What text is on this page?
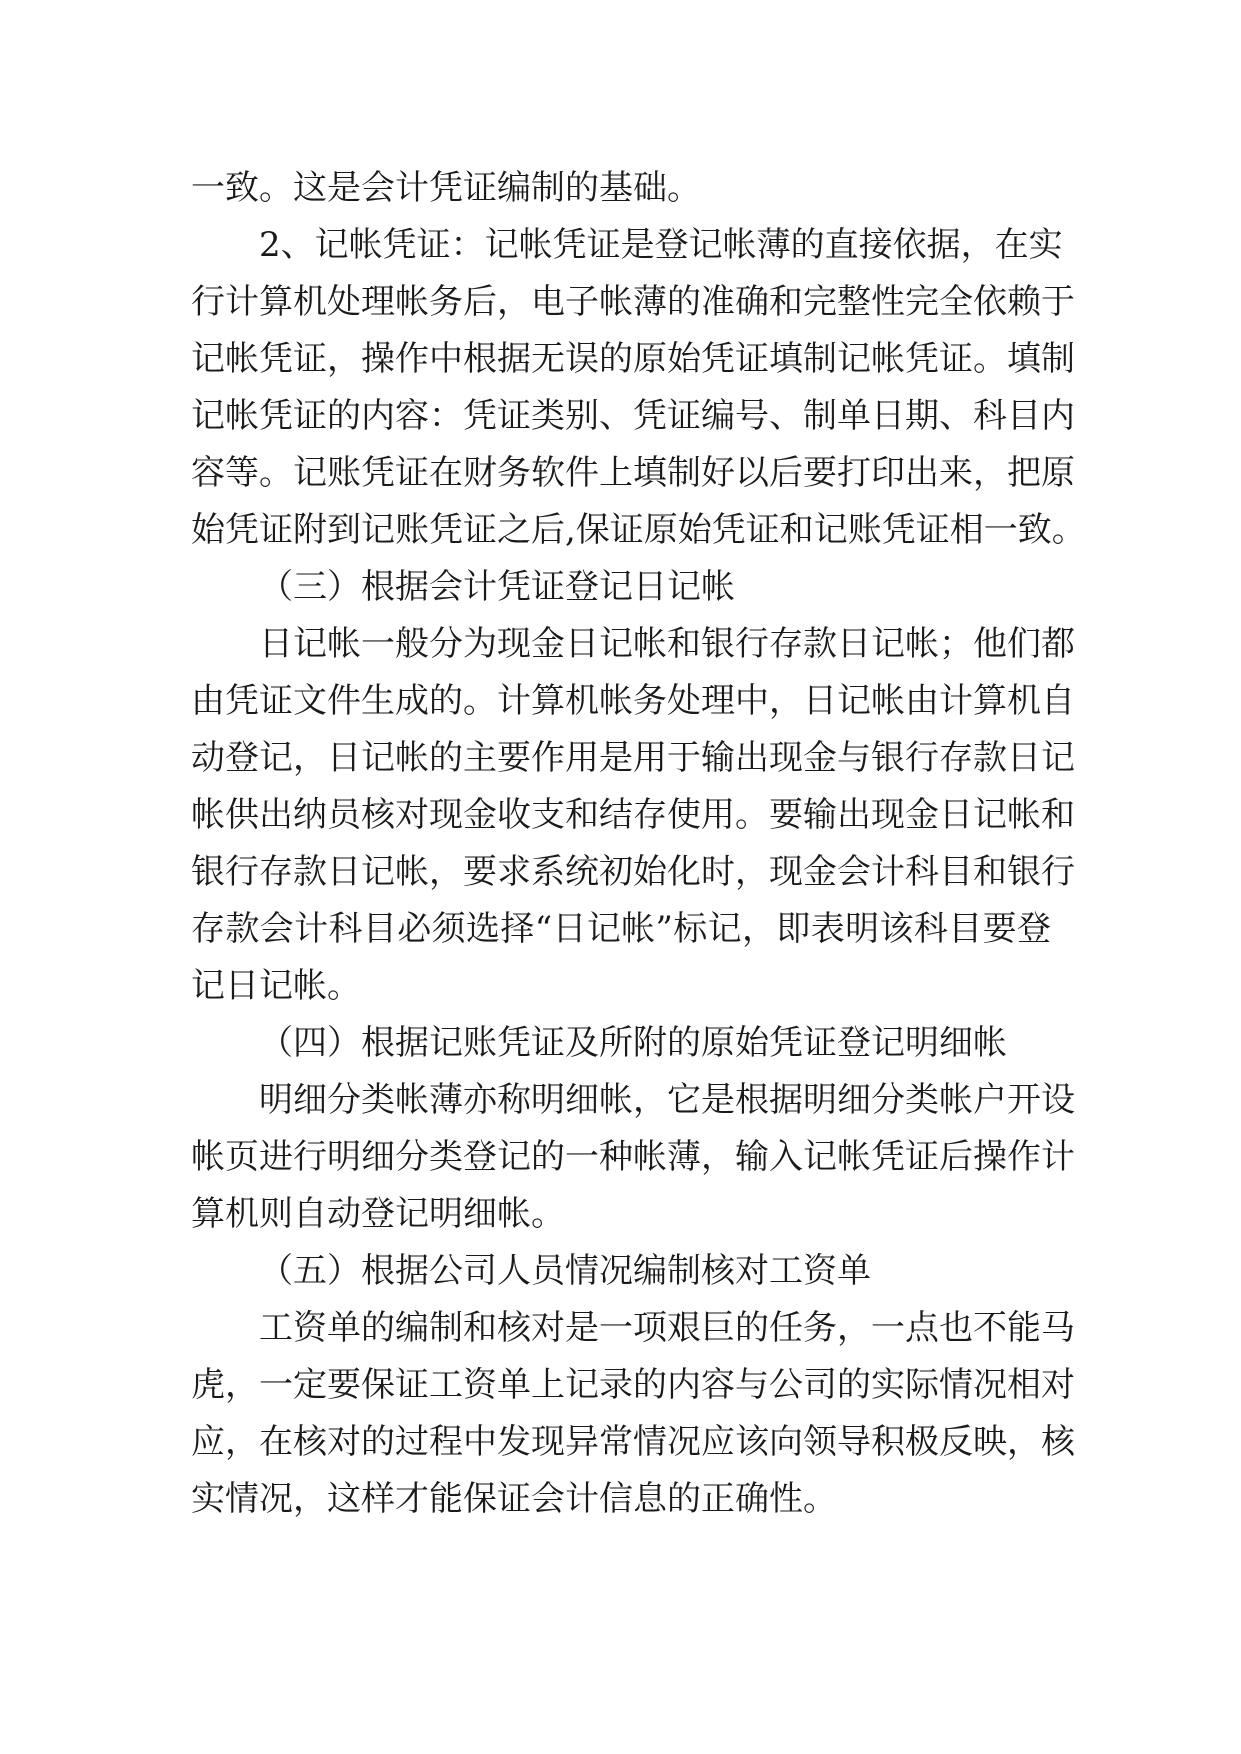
一致。这是会计凭证编制的基础。
2、记帐凭证：记帐凭证是登记帐薄的直接依据，在实
行计算机处理帐务后，电子帐薄的准确和完整性完全依赖于
记帐凭证，操作中根据无误的原始凭证填制记帐凭证。填制
记帐凭证的内容：凭证类别、凭证编号、制单日期、科目内
容等。记账凭证在财务软件上填制好以后要打印出来，把原
始凭证附到记账凭证之后,保证原始凭证和记账凭证相一致。
（三）根据会计凭证登记日记帐
日记帐一般分为现金日记帐和银行存款日记帐；他们都
由凭证文件生成的。计算机帐务处理中，日记帐由计算机自
动登记，日记帐的主要作用是用于输出现金与银行存款日记
帐供出纳员核对现金收支和结存使用。要输出现金日记帐和
银行存款日记帐，要求系统初始化时，现金会计科目和银行
存款会计科目必须选择“日记帐”标记，即表明该科目要登
记日记帐。
（四）根据记账凭证及所附的原始凭证登记明细帐
明细分类帐薄亦称明细帐，它是根据明细分类帐户开设
帐页进行明细分类登记的一种帐薄，输入记帐凭证后操作计
算机则自动登记明细帐。
（五）根据公司人员情况编制核对工资单
工资单的编制和核对是一项艰巨的任务，一点也不能马
虎，一定要保证工资单上记录的内容与公司的实际情况相对
应，在核对的过程中发现异常情况应该向领导积极反映，核
实情况，这样才能保证会计信息的正确性。
